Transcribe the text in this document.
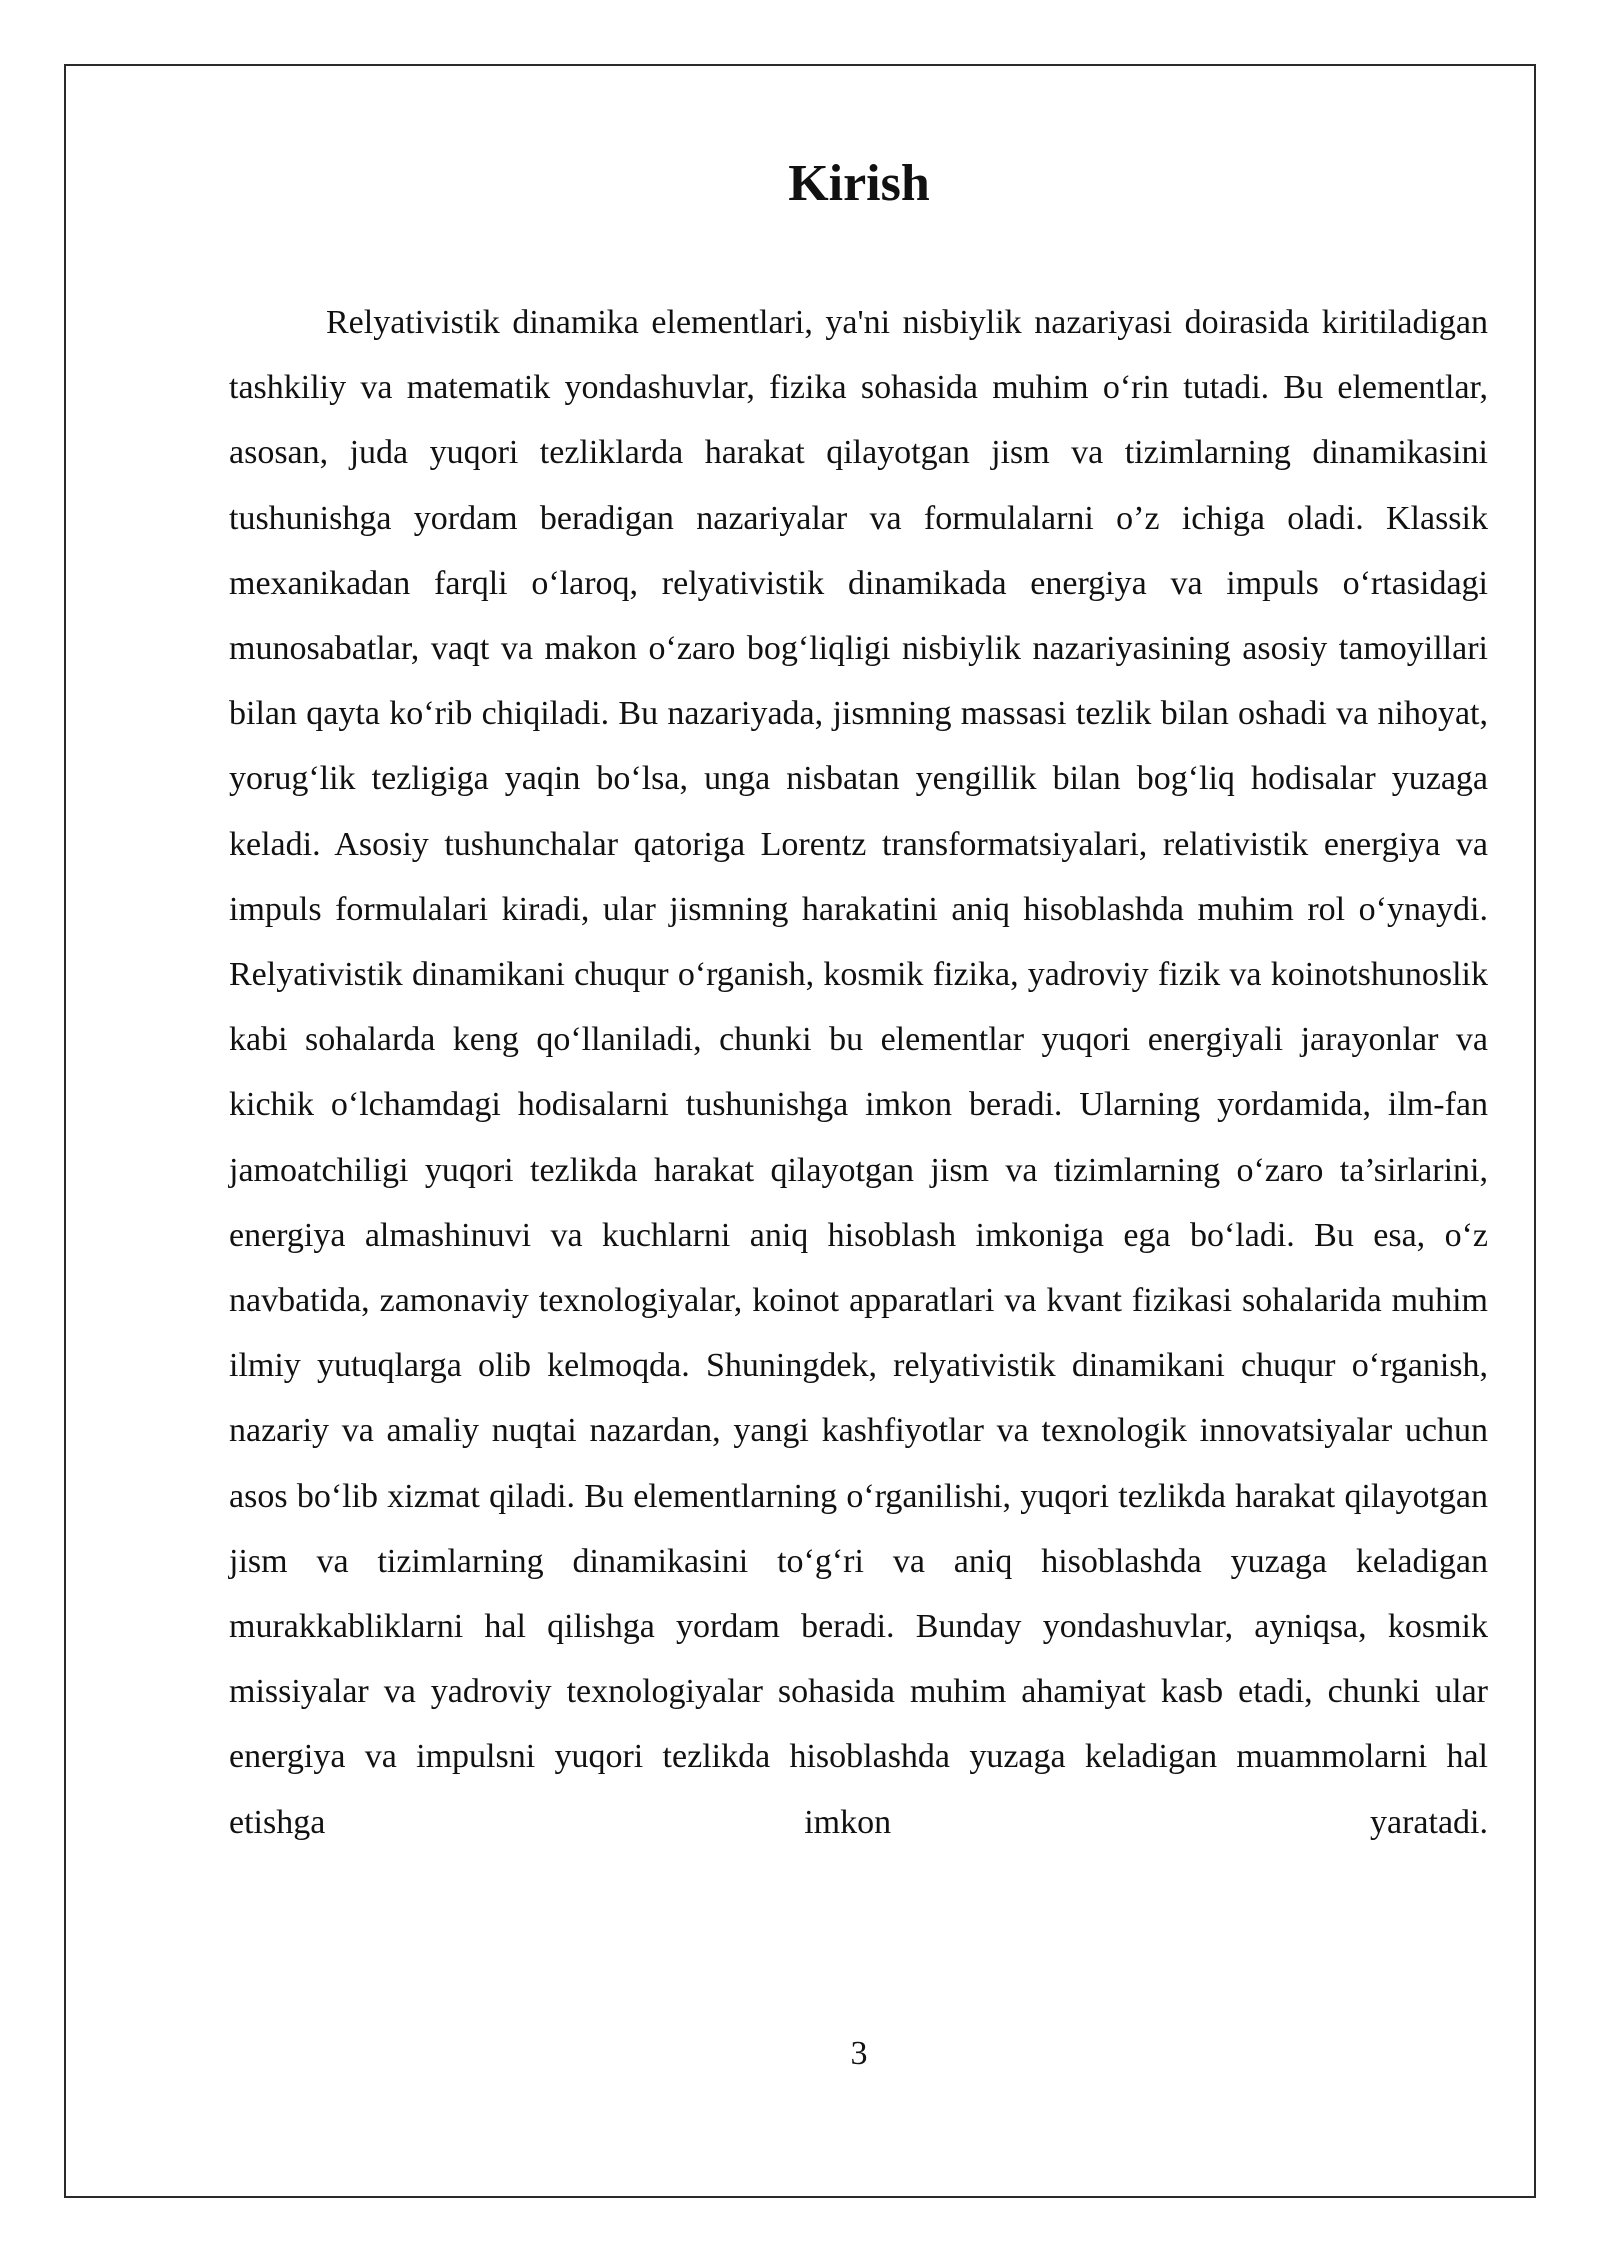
Kirish

Relyativistik dinamika elementlari, ya'ni nisbiylik nazariyasi doirasida kiritiladigan tashkiliy va matematik yondashuvlar, fizika sohasida muhim o‘rin tutadi. Bu elementlar, asosan, juda yuqori tezliklarda harakat qilayotgan jism va tizimlarning dinamikasini tushunishga yordam beradigan nazariyalar va formulalarni o’z ichiga oladi. Klassik mexanikadan farqli o‘laroq, relyativistik dinamikada energiya va impuls o‘rtasidagi munosabatlar, vaqt va makon o‘zaro bog‘liqligi nisbiylik nazariyasining asosiy tamoyillari bilan qayta ko‘rib chiqiladi. Bu nazariyada, jismning massasi tezlik bilan oshadi va nihoyat, yorug‘lik tezligiga yaqin bo‘lsa, unga nisbatan yengillik bilan bog‘liq hodisalar yuzaga keladi. Asosiy tushunchalar qatoriga Lorentz transformatsiyalari, relativistik energiya va impuls formulalari kiradi, ular jismning harakatini aniq hisoblashda muhim rol o‘ynaydi. Relyativistik dinamikani chuqur o‘rganish, kosmik fizika, yadroviy fizik va koinotshunoslik kabi sohalarda keng qo‘llaniladi, chunki bu elementlar yuqori energiyali jarayonlar va kichik o‘lchamdagi hodisalarni tushunishga imkon beradi. Ularning yordamida, ilm-fan jamoatchiligi yuqori tezlikda harakat qilayotgan jism va tizimlarning o‘zaro ta’sirlarini, energiya almashinuvi va kuchlarni aniq hisoblash imkoniga ega bo‘ladi. Bu esa, o‘z navbatida, zamonaviy texnologiyalar, koinot apparatlari va kvant fizikasi sohalarida muhim ilmiy yutuqlarga olib kelmoqda. Shuningdek, relyativistik dinamikani chuqur o‘rganish, nazariy va amaliy nuqtai nazardan, yangi kashfiyotlar va texnologik innovatsiyalar uchun asos bo‘lib xizmat qiladi. Bu elementlarning o‘rganilishi, yuqori tezlikda harakat qilayotgan jism va tizimlarning dinamikasini to‘g‘ri va aniq hisoblashda yuzaga keladigan murakkabliklarni hal qilishga yordam beradi. Bunday yondashuvlar, ayniqsa, kosmik missiyalar va yadroviy texnologiyalar sohasida muhim ahamiyat kasb etadi, chunki ular energiya va impulsni yuqori tezlikda hisoblashda yuzaga keladigan muammolarni hal etishga imkon yaratadi.

3
